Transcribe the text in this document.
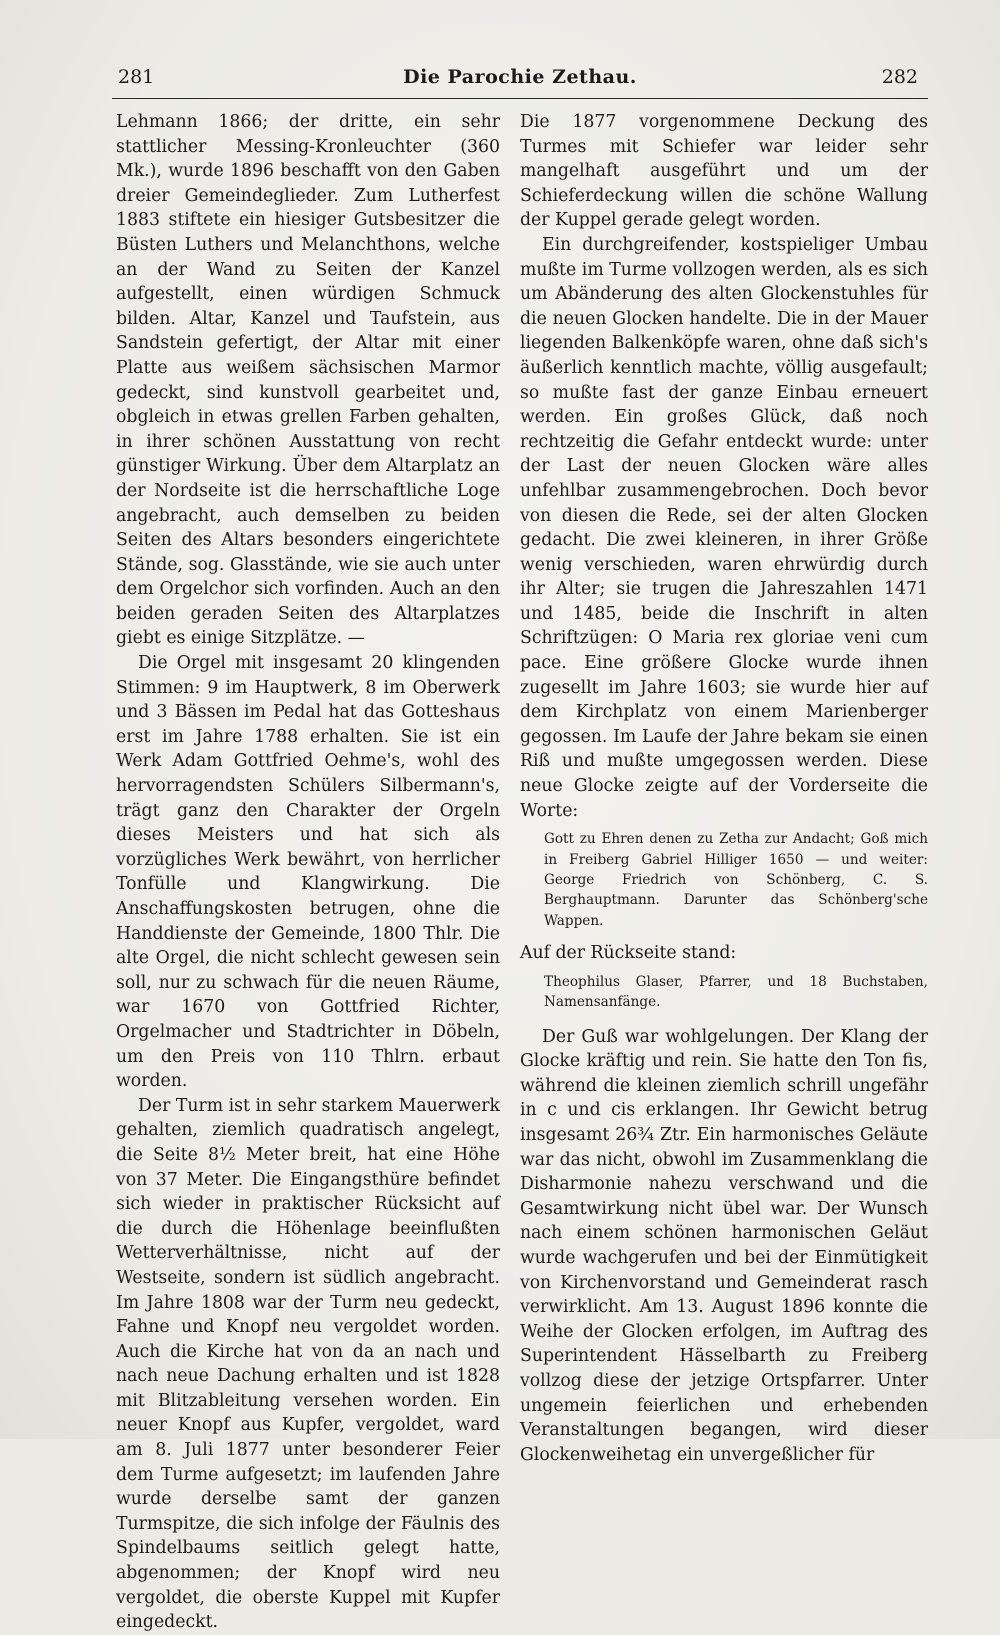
281	Die Parochie Zethau.	282

Lehmann 1866; der dritte, ein sehr stattlicher Messing-Kronleuchter (360 Mk.), wurde 1896 beschafft von den Gaben dreier Gemeindeglieder. Zum Lutherfest 1883 stiftete ein hiesiger Gutsbesitzer die Büsten Luthers und Melanchthons, welche an der Wand zu Seiten der Kanzel aufgestellt, einen würdigen Schmuck bilden. Altar, Kanzel und Taufstein, aus Sandstein gefertigt, der Altar mit einer Platte aus weißem sächsischen Marmor gedeckt, sind kunstvoll gearbeitet und, obgleich in etwas grellen Farben gehalten, in ihrer schönen Ausstattung von recht günstiger Wirkung. Über dem Altarplatz an der Nordseite ist die herrschaftliche Loge angebracht, auch demselben zu beiden Seiten des Altars besonders eingerichtete Stände, sog. Glasstände, wie sie auch unter dem Orgelchor sich vorfinden. Auch an den beiden geraden Seiten des Altarplatzes giebt es einige Sitzplätze. —

Die Orgel mit insgesamt 20 klingenden Stimmen: 9 im Hauptwerk, 8 im Oberwerk und 3 Bässen im Pedal hat das Gotteshaus erst im Jahre 1788 erhalten. Sie ist ein Werk Adam Gottfried Oehme's, wohl des hervorragendsten Schülers Silbermann's, trägt ganz den Charakter der Orgeln dieses Meisters und hat sich als vorzügliches Werk bewährt, von herrlicher Tonfülle und Klangwirkung. Die Anschaffungskosten betrugen, ohne die Handdienste der Gemeinde, 1800 Thlr. Die alte Orgel, die nicht schlecht gewesen sein soll, nur zu schwach für die neuen Räume, war 1670 von Gottfried Richter, Orgelmacher und Stadtrichter in Döbeln, um den Preis von 110 Thlrn. erbaut worden.

Der Turm ist in sehr starkem Mauerwerk gehalten, ziemlich quadratisch angelegt, die Seite 8½ Meter breit, hat eine Höhe von 37 Meter. Die Eingangsthüre befindet sich wieder in praktischer Rücksicht auf die durch die Höhenlage beeinflußten Wetterverhältnisse, nicht auf der Westseite, sondern ist südlich angebracht. Im Jahre 1808 war der Turm neu gedeckt, Fahne und Knopf neu vergoldet worden. Auch die Kirche hat von da an nach und nach neue Dachung erhalten und ist 1828 mit Blitzableitung versehen worden. Ein neuer Knopf aus Kupfer, vergoldet, ward am 8. Juli 1877 unter besonderer Feier dem Turme aufgesetzt; im laufenden Jahre wurde derselbe samt der ganzen Turmspitze, die sich infolge der Fäulnis des Spindelbaums seitlich gelegt hatte, abgenommen; der Knopf wird neu vergoldet, die oberste Kuppel mit Kupfer eingedeckt.

Die 1877 vorgenommene Deckung des Turmes mit Schiefer war leider sehr mangelhaft ausgeführt und um der Schieferdeckung willen die schöne Wallung der Kuppel gerade gelegt worden.

Ein durchgreifender, kostspieliger Umbau mußte im Turme vollzogen werden, als es sich um Abänderung des alten Glockenstuhles für die neuen Glocken handelte. Die in der Mauer liegenden Balkenköpfe waren, ohne daß sich's äußerlich kenntlich machte, völlig ausgefault; so mußte fast der ganze Einbau erneuert werden. Ein großes Glück, daß noch rechtzeitig die Gefahr entdeckt wurde: unter der Last der neuen Glocken wäre alles unfehlbar zusammengebrochen. Doch bevor von diesen die Rede, sei der alten Glocken gedacht. Die zwei kleineren, in ihrer Größe wenig verschieden, waren ehrwürdig durch ihr Alter; sie trugen die Jahreszahlen 1471 und 1485, beide die Inschrift in alten Schriftzügen: O Maria rex gloriae veni cum pace. Eine größere Glocke wurde ihnen zugesellt im Jahre 1603; sie wurde hier auf dem Kirchplatz von einem Marienberger gegossen. Im Laufe der Jahre bekam sie einen Riß und mußte umgegossen werden. Diese neue Glocke zeigte auf der Vorderseite die Worte:

Gott zu Ehren denen zu Zetha zur Andacht; Goß mich in Freiberg Gabriel Hilliger 1650 — und weiter: George Friedrich von Schönberg, C. S. Berghauptmann. Darunter das Schönberg'sche Wappen.

Auf der Rückseite stand:

Theophilus Glaser, Pfarrer, und 18 Buchstaben, Namensanfänge.

Der Guß war wohlgelungen. Der Klang der Glocke kräftig und rein. Sie hatte den Ton fis, während die kleinen ziemlich schrill ungefähr in c und cis erklangen. Ihr Gewicht betrug insgesamt 26¾ Ztr. Ein harmonisches Geläute war das nicht, obwohl im Zusammenklang die Disharmonie nahezu verschwand und die Gesamtwirkung nicht übel war. Der Wunsch nach einem schönen harmonischen Geläut wurde wachgerufen und bei der Einmütigkeit von Kirchenvorstand und Gemeinderat rasch verwirklicht. Am 13. August 1896 konnte die Weihe der Glocken erfolgen, im Auftrag des Superintendent Hässelbarth zu Freiberg vollzog diese der jetzige Ortspfarrer. Unter ungemein feierlichen und erhebenden Veranstaltungen begangen, wird dieser Glockenweihetag ein unvergeßlicher für
